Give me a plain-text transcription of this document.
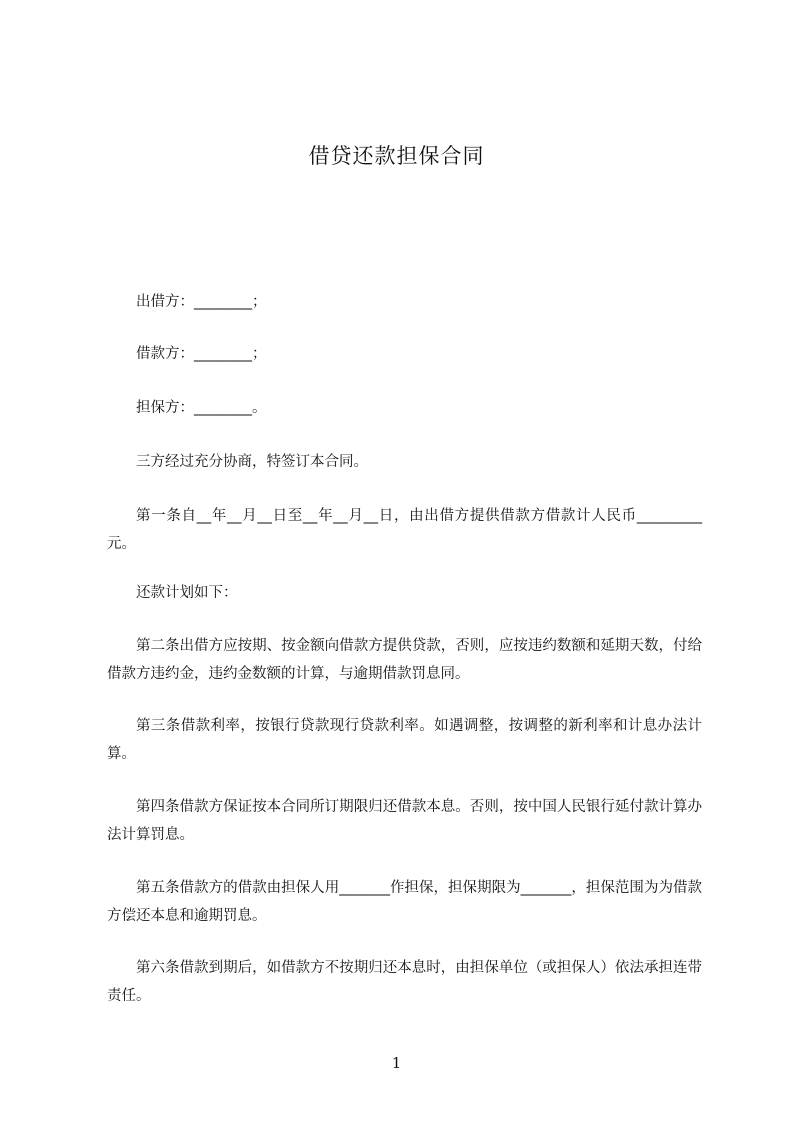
借贷还款担保合同

出借方：________；

借款方：________；

担保方：________。

三方经过充分协商，特签订本合同。

第一条自__年__月__日至__年__月__日，由出借方提供借款方借款计人民币_________元。

还款计划如下：

第二条出借方应按期、按金额向借款方提供贷款，否则，应按违约数额和延期天数，付给借款方违约金，违约金数额的计算，与逾期借款罚息同。

第三条借款利率，按银行贷款现行贷款利率。如遇调整，按调整的新利率和计息办法计算。

第四条借款方保证按本合同所订期限归还借款本息。否则，按中国人民银行延付款计算办法计算罚息。

第五条借款方的借款由担保人用_______作担保，担保期限为_______，担保范围为为借款方偿还本息和逾期罚息。

第六条借款到期后，如借款方不按期归还本息时，由担保单位（或担保人）依法承担连带责任。

1
